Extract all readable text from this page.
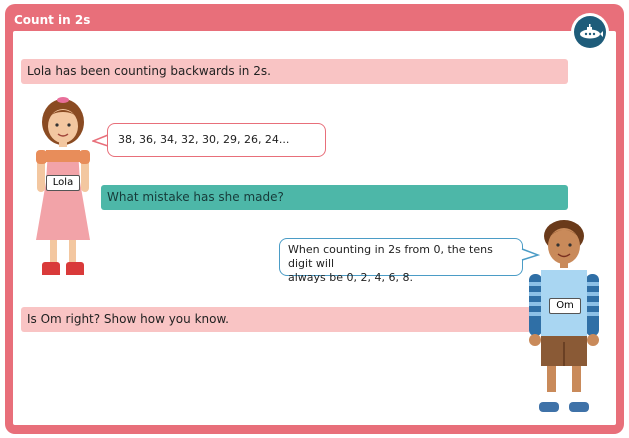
Count in 2s
Lola has been counting backwards in 2s.
Lola
38, 36, 34, 32, 30, 29, 26, 24...
What mistake has she made?
When counting in 2s from 0, the tens digit will
always be 0, 2, 4, 6, 8.
Is Om right? Show how you know.
Om
